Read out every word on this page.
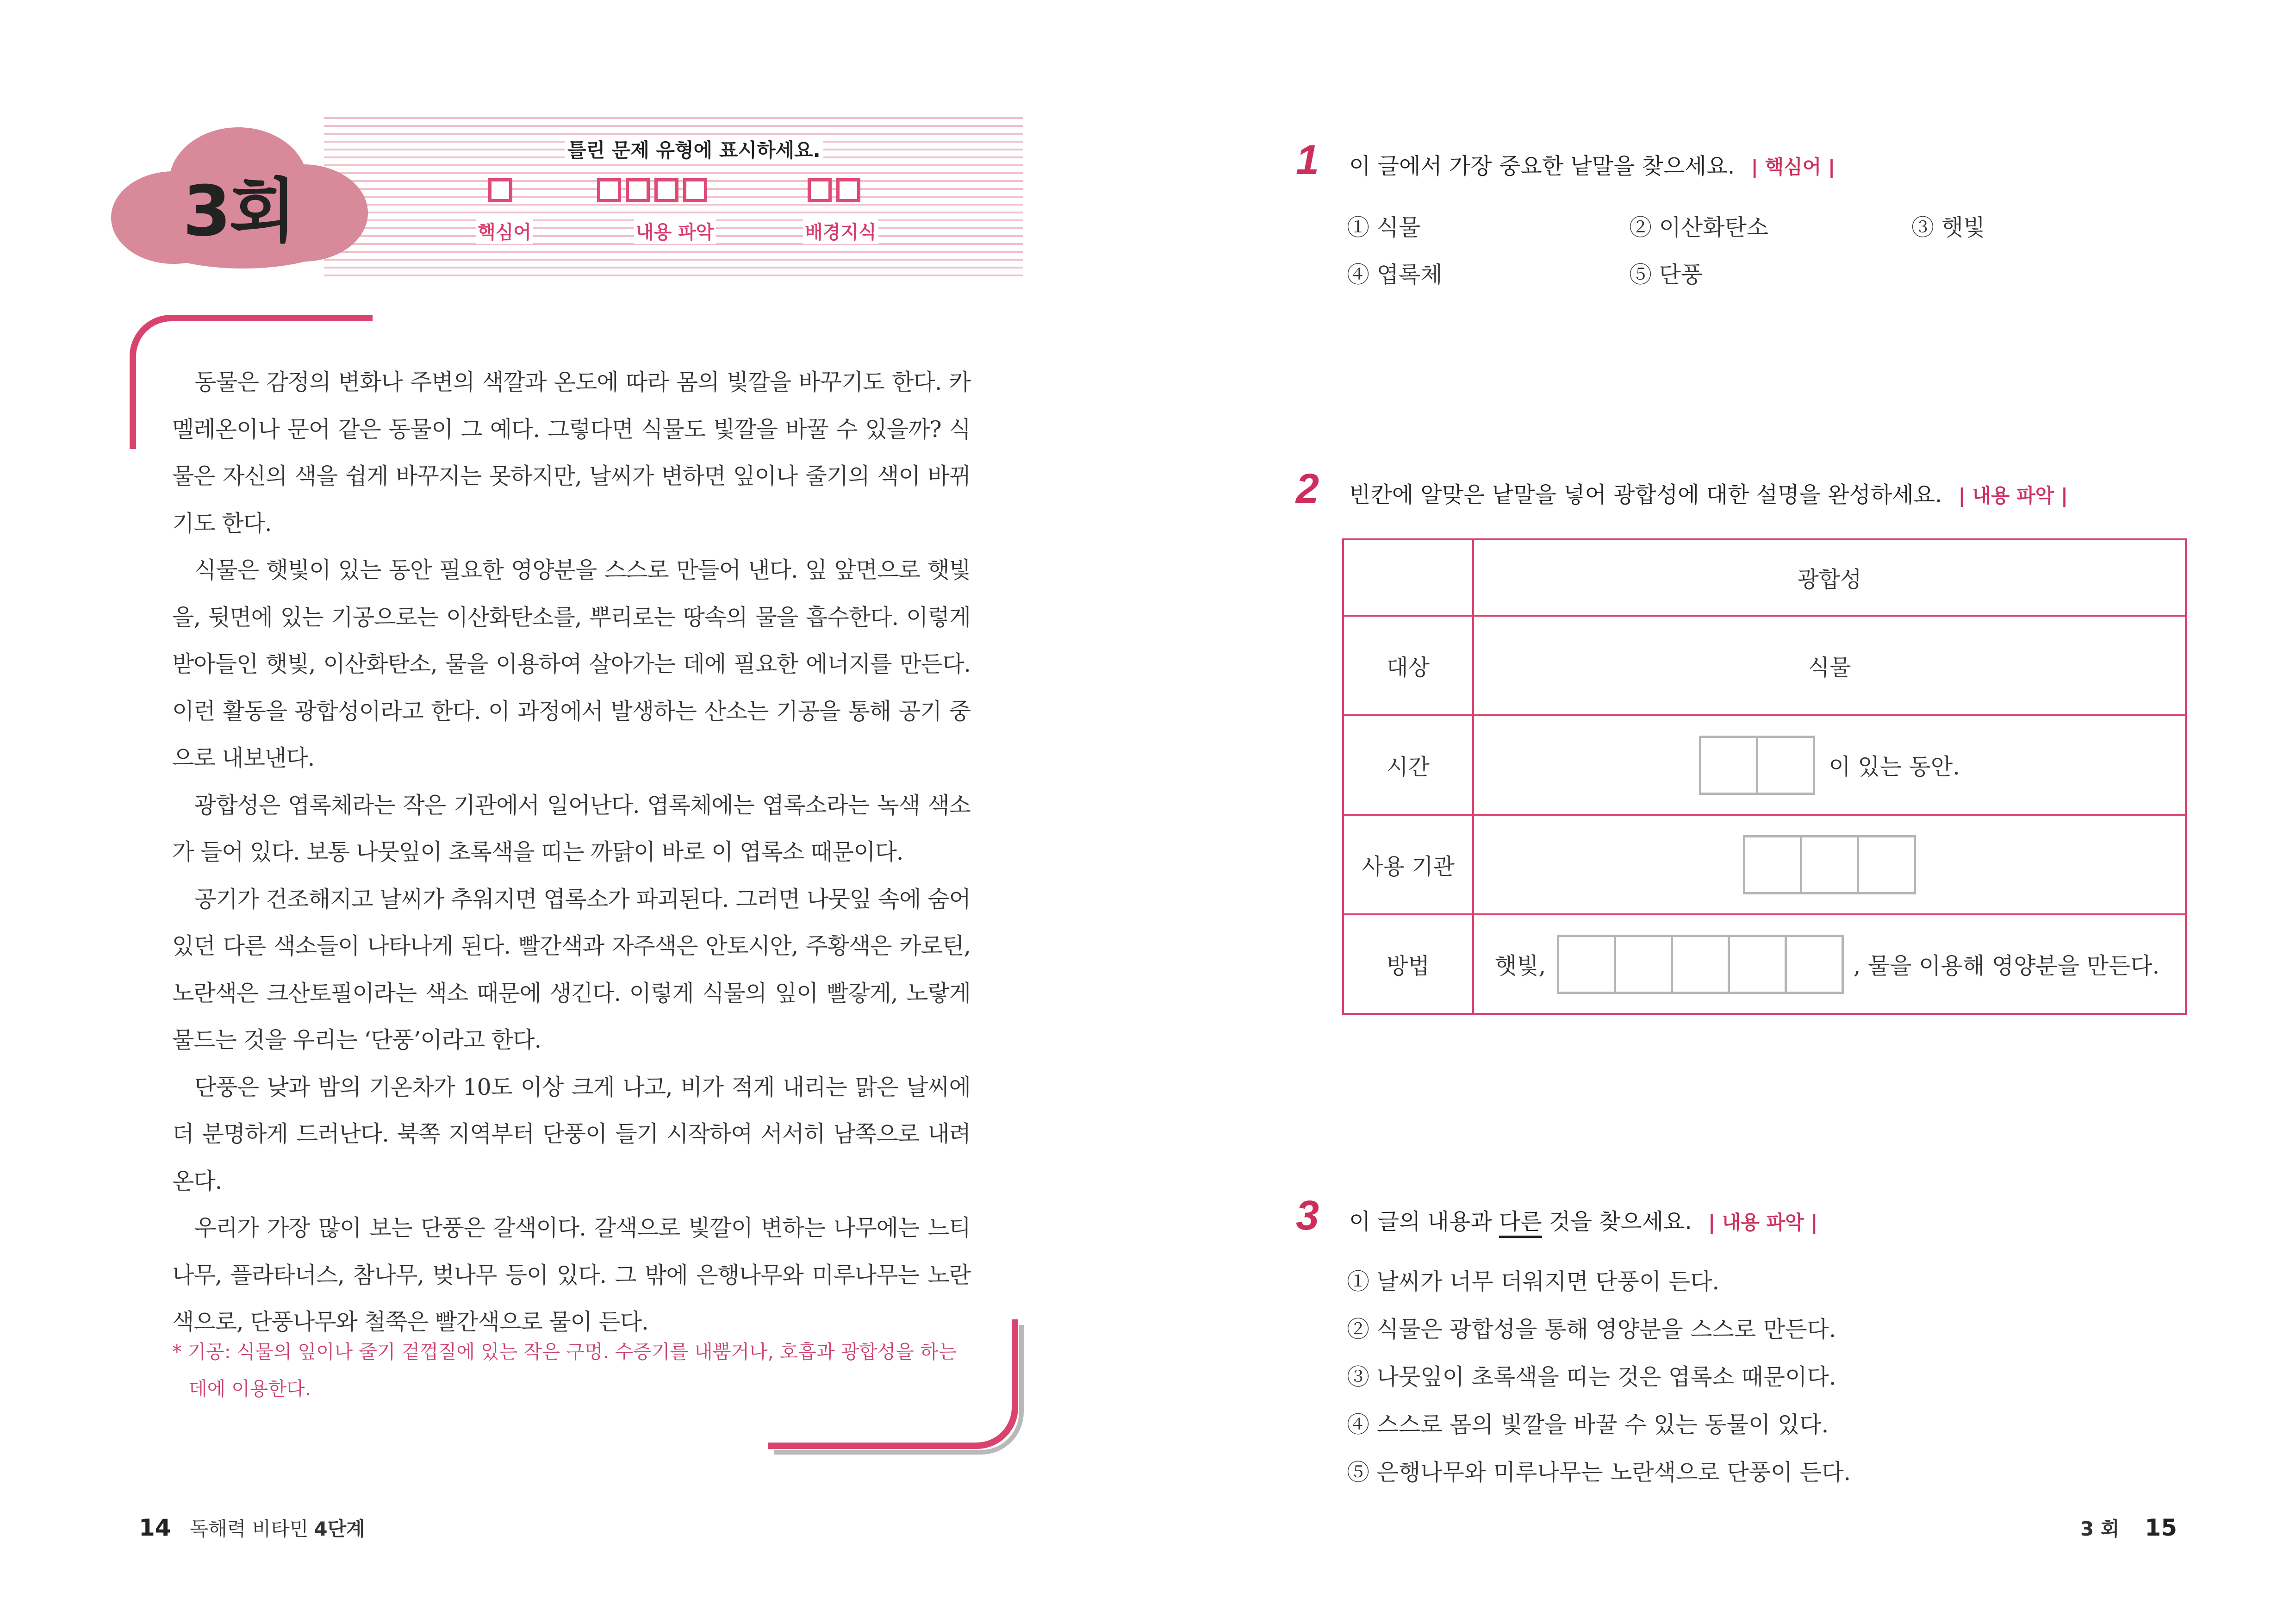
3회
틀린 문제 유형에 표시하세요.
핵심어	내용 파악	배경지식

동물은 감정의 변화나 주변의 색깔과 온도에 따라 몸의 빛깔을 바꾸기도 한다. 카멜레온이나 문어 같은 동물이 그 예다. 그렇다면 식물도 빛깔을 바꿀 수 있을까? 식물은 자신의 색을 쉽게 바꾸지는 못하지만, 날씨가 변하면 잎이나 줄기의 색이 바뀌기도 한다.

식물은 햇빛이 있는 동안 필요한 영양분을 스스로 만들어 낸다. 잎 앞면으로 햇빛을, 뒷면에 있는 기공으로는 이산화탄소를, 뿌리로는 땅속의 물을 흡수한다. 이렇게 받아들인 햇빛, 이산화탄소, 물을 이용하여 살아가는 데에 필요한 에너지를 만든다. 이런 활동을 광합성이라고 한다. 이 과정에서 발생하는 산소는 기공을 통해 공기 중으로 내보낸다.

광합성은 엽록체라는 작은 기관에서 일어난다. 엽록체에는 엽록소라는 녹색 색소가 들어 있다. 보통 나뭇잎이 초록색을 띠는 까닭이 바로 이 엽록소 때문이다.

공기가 건조해지고 날씨가 추워지면 엽록소가 파괴된다. 그러면 나뭇잎 속에 숨어 있던 다른 색소들이 나타나게 된다. 빨간색과 자주색은 안토시안, 주황색은 카로틴, 노란색은 크산토필이라는 색소 때문에 생긴다. 이렇게 식물의 잎이 빨갛게, 노랗게 물드는 것을 우리는 ‘단풍’이라고 한다.

단풍은 낮과 밤의 기온차가 10도 이상 크게 나고, 비가 적게 내리는 맑은 날씨에 더 분명하게 드러난다. 북쪽 지역부터 단풍이 들기 시작하여 서서히 남쪽으로 내려온다.

우리가 가장 많이 보는 단풍은 갈색이다. 갈색으로 빛깔이 변하는 나무에는 느티나무, 플라타너스, 참나무, 벚나무 등이 있다. 그 밖에 은행나무와 미루나무는 노란색으로, 단풍나무와 철쭉은 빨간색으로 물이 든다.

* 기공: 식물의 잎이나 줄기 겉껍질에 있는 작은 구멍. 수증기를 내뿜거나, 호흡과 광합성을 하는 데에 이용한다.
14 독해력 비타민 4단계
1 이 글에서 가장 중요한 낱말을 찾으세요. | 핵심어 |
① 식물	② 이산화탄소	③ 햇빛
④ 엽록체	⑤ 단풍
2 빈칸에 알맞은 낱말을 넣어 광합성에 대한 설명을 완성하세요. | 내용 파악 |
	광합성
대상	식물
시간	이 있는 동안.
사용 기관	

방법	햇빛, , 물을 이용해 영양분을 만든다.
3 이 글의 내용과 다른 것을 찾으세요. | 내용 파악 |
① 날씨가 너무 더워지면 단풍이 든다.
② 식물은 광합성을 통해 영양분을 스스로 만든다.
③ 나뭇잎이 초록색을 띠는 것은 엽록소 때문이다.
④ 스스로 몸의 빛깔을 바꿀 수 있는 동물이 있다.
⑤ 은행나무와 미루나무는 노란색으로 단풍이 든다.
3 회 15
